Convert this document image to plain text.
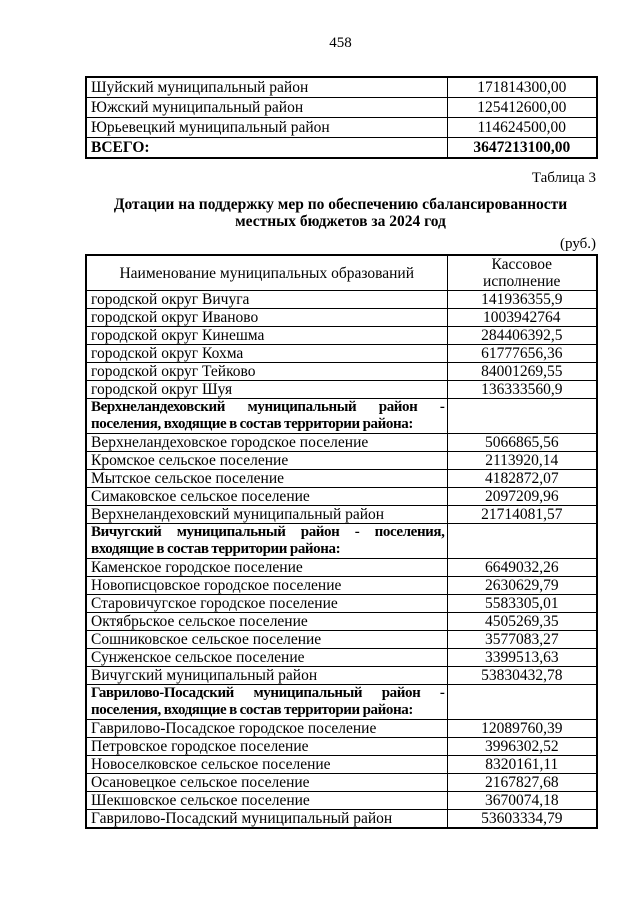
458
Шуйский муниципальный район	171814300,00
Южский муниципальный район	125412600,00
Юрьевецкий муниципальный район	114624500,00
ВСЕГО:	3647213100,00
Таблица 3
Дотации на поддержку мер по обеспечению сбалансированности
местных бюджетов за 2024 год
(руб.)
Наименование муниципальных образований	Кассовое
исполнение

городской округ Вичуга	141936355,9
городской округ Иваново	1003942764
городской округ Кинешма	284406392,5
городской округ Кохма	61777656,36
городской округ Тейково	84001269,55
городской округ Шуя	136333560,9
Верхнеландеховский муниципальный район - поселения, входящие в состав территории района:	
Верхнеландеховское городское поселение	5066865,56
Кромское сельское поселение	2113920,14
Мытское сельское поселение	4182872,07
Симаковское сельское поселение	2097209,96
Верхнеландеховский муниципальный район	21714081,57
Вичугский муниципальный район - поселения, входящие в состав территории района:	
Каменское городское поселение	6649032,26
Новописцовское городское поселение	2630629,79
Старовичугское городское поселение	5583305,01
Октябрьское сельское поселение	4505269,35
Сошниковское сельское поселение	3577083,27
Сунженское сельское поселение	3399513,63
Вичугский муниципальный район	53830432,78
Гаврилово-Посадский муниципальный район - поселения, входящие в состав территории района:	
Гаврилово-Посадское городское поселение	12089760,39
Петровское городское поселение	3996302,52
Новоселковское сельское поселение	8320161,11
Осановецкое сельское поселение	2167827,68
Шекшовское сельское поселение	3670074,18
Гаврилово-Посадский муниципальный район	53603334,79
